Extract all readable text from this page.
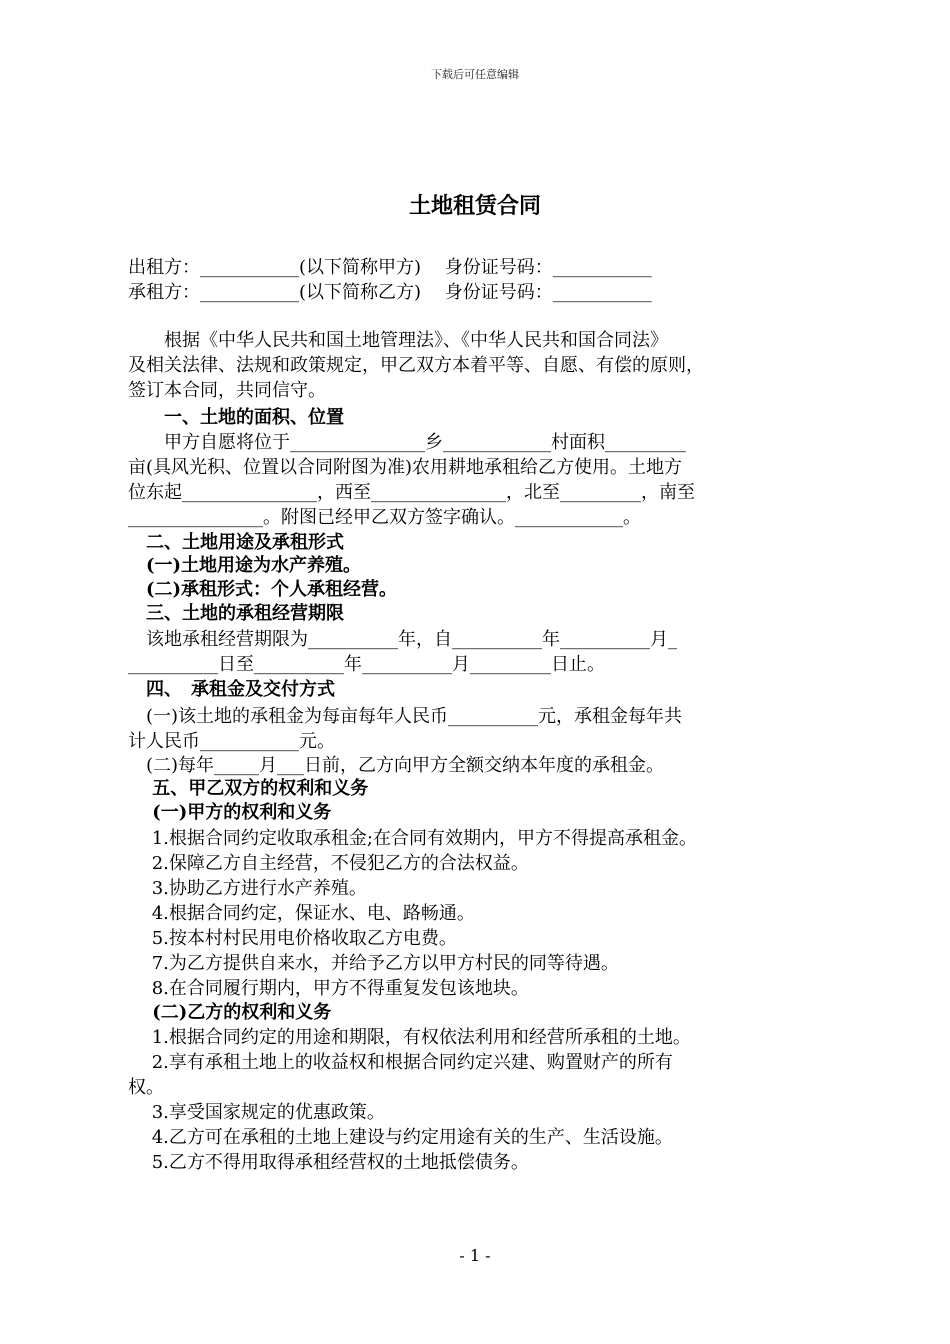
下载后可任意编辑
土地租赁合同
出租方：___________(以下简称甲方)　 身份证号码：___________
承租方：___________(以下简称乙方)　 身份证号码：___________
　　根据《中华人民共和国土地管理法》、《中华人民共和国合同法》
及相关法律、法规和政策规定，甲乙双方本着平等、自愿、有偿的原则，
签订本合同，共同信守。
　　一、土地的面积、位置
　　甲方自愿将位于_______________乡____________村面积_________
亩(具风光积、位置以合同附图为准)农用耕地承租给乙方使用。土地方
位东起_______________，西至_______________，北至_________，南至
_______________。附图已经甲乙双方签字确认。____________。
　二、土地用途及承租形式
　(一)土地用途为水产养殖。
　(二)承租形式：个人承租经营。
　三、土地的承租经营期限
　该地承租经营期限为__________年，自__________年__________月_
__________日至__________年__________月_________日止。
　四、　承租金及交付方式
　(一)该土地的承租金为每亩每年人民币__________元，承租金每年共
计人民币___________元。
　(二)每年_____月___日前，乙方向甲方全额交纳本年度的承租金。
　 五、甲乙双方的权利和义务
　 (一)甲方的权利和义务
　 1.根据合同约定收取承租金;在合同有效期内，甲方不得提高承租金。
　 2.保障乙方自主经营，不侵犯乙方的合法权益。
　 3.协助乙方进行水产养殖。
　 4.根据合同约定，保证水、电、路畅通。
　 5.按本村村民用电价格收取乙方电费。
　 7.为乙方提供自来水，并给予乙方以甲方村民的同等待遇。
　 8.在合同履行期内，甲方不得重复发包该地块。
　 (二)乙方的权利和义务
　 1.根据合同约定的用途和期限，有权依法利用和经营所承租的土地。
　 2.享有承租土地上的收益权和根据合同约定兴建、购置财产的所有
权。
　 3.享受国家规定的优惠政策。
　 4.乙方可在承租的土地上建设与约定用途有关的生产、生活设施。
　 5.乙方不得用取得承租经营权的土地抵偿债务。
- 1 -
